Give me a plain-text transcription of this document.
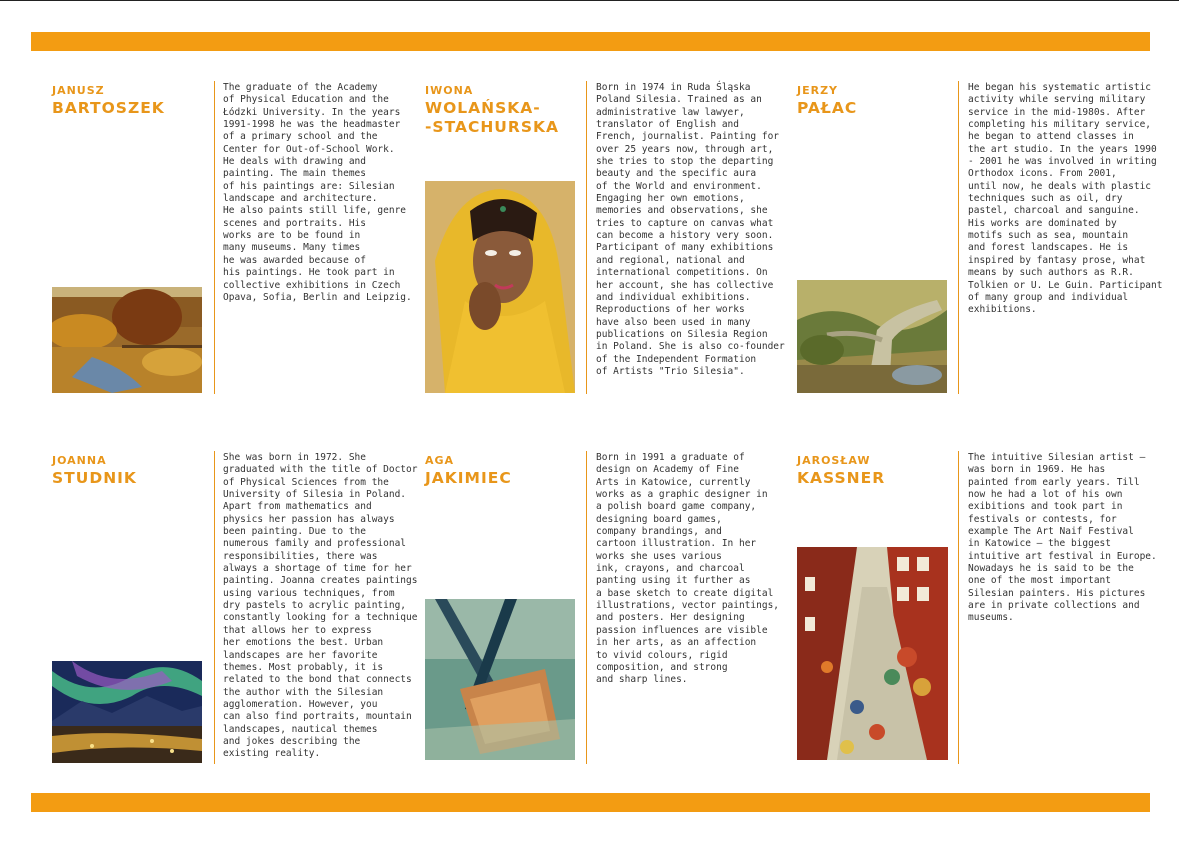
JANUSZ
BARTOSZEK
The graduate of the Academy
of Physical Education and the
Łódzki University. In the years
1991-1998 he was the headmaster
of a primary school and the
Center for Out-of-School Work.
He deals with drawing and
painting. The main themes
of his paintings are: Silesian
landscape and architecture.
He also paints still life, genre
scenes and portraits. His
works are to be found in
many museums. Many times
he was awarded because of
his paintings. He took part in
collective exhibitions in Czech
Opava, Sofia, Berlin and Leipzig.
IWONA
WOLAŃSKA-
-STACHURSKA
Born in 1974 in Ruda Śląska
Poland Silesia. Trained as an
administrative law lawyer,
translator of English and
French, journalist. Painting for
over 25 years now, through art,
she tries to stop the departing
beauty and the specific aura
of the World and environment.
Engaging her own emotions,
memories and observations, she
tries to capture on canvas what
can become a history very soon.
Participant of many exhibitions
and regional, national and
international competitions. On
her account, she has collective
and individual exhibitions.
Reproductions of her works
have also been used in many
publications on Silesia Region
in Poland. She is also co-founder
of the Independent Formation
of Artists "Trio Silesia".
JERZY
PAŁAC
He began his systematic artistic
activity while serving military
service in the mid-1980s. After
completing his military service,
he began to attend classes in
the art studio. In the years 1990
- 2001 he was involved in writing
Orthodox icons. From 2001,
until now, he deals with plastic
techniques such as oil, dry
pastel, charcoal and sanguine.
His works are dominated by
motifs such as sea, mountain
and forest landscapes. He is
inspired by fantasy prose, what
means by such authors as R.R.
Tolkien or U. Le Guin. Participant
of many group and individual
exhibitions.
JOANNA
STUDNIK
She was born in 1972. She
graduated with the title of Doctor
of Physical Sciences from the
University of Silesia in Poland.
Apart from mathematics and
physics her passion has always
been painting. Due to the
numerous family and professional
responsibilities, there was
always a shortage of time for her
painting. Joanna creates paintings
using various techniques, from
dry pastels to acrylic painting,
constantly looking for a technique
that allows her to express
her emotions the best. Urban
landscapes are her favorite
themes. Most probably, it is
related to the bond that connects
the author with the Silesian
agglomeration. However, you
can also find portraits, mountain
landscapes, nautical themes
and jokes describing the
existing reality.
AGA
JAKIMIEC
Born in 1991 a graduate of
design on Academy of Fine
Arts in Katowice, currently
works as a graphic designer in
a polish board game company,
designing board games,
company brandings, and
cartoon illustration. In her
works she uses various
ink, crayons, and charcoal
panting using it further as
a base sketch to create digital
illustrations, vector paintings,
and posters. Her designing
passion influences are visible
in her arts, as an affection
to vivid colours, rigid
composition, and strong
and sharp lines.
JAROSŁAW
KASSNER
The intuitive Silesian artist –
was born in 1969. He has
painted from early years. Till
now he had a lot of his own
exibitions and took part in
festivals or contests, for
example The Art Naif Festival
in Katowice – the biggest
intuitive art festival in Europe.
Nowadays he is said to be the
one of the most important
Silesian painters. His pictures
are in private collections and
museums.
